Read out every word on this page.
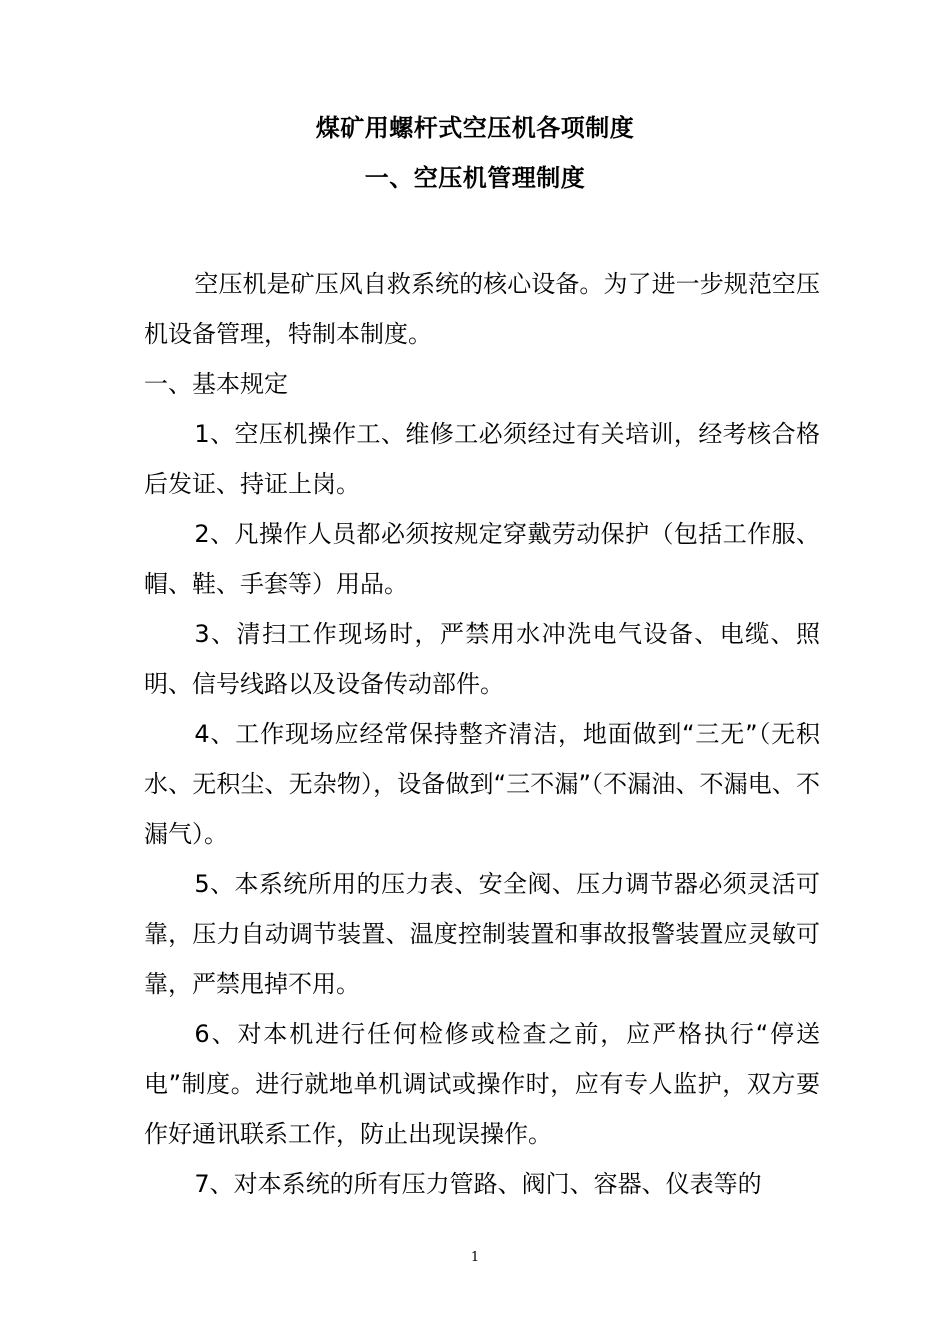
煤矿用螺杆式空压机各项制度
一、空压机管理制度

空压机是矿压风自救系统的核心设备。为了进一步规范空压机设备管理，特制本制度。

一、基本规定

1、空压机操作工、维修工必须经过有关培训，经考核合格后发证、持证上岗。

2、凡操作人员都必须按规定穿戴劳动保护（包括工作服、帽、鞋、手套等）用品。

3、清扫工作现场时，严禁用水冲洗电气设备、电缆、照明、信号线路以及设备传动部件。

4、工作现场应经常保持整齐清洁，地面做到“三无”（无积水、无积尘、无杂物），设备做到“三不漏”（不漏油、不漏电、不漏气）。

5、本系统所用的压力表、安全阀、压力调节器必须灵活可靠，压力自动调节装置、温度控制装置和事故报警装置应灵敏可靠，严禁甩掉不用。

6、对本机进行任何检修或检查之前，应严格执行“停送电”制度。进行就地单机调试或操作时，应有专人监护，双方要作好通讯联系工作，防止出现误操作。

7、对本系统的所有压力管路、阀门、容器、仪表等的

1
